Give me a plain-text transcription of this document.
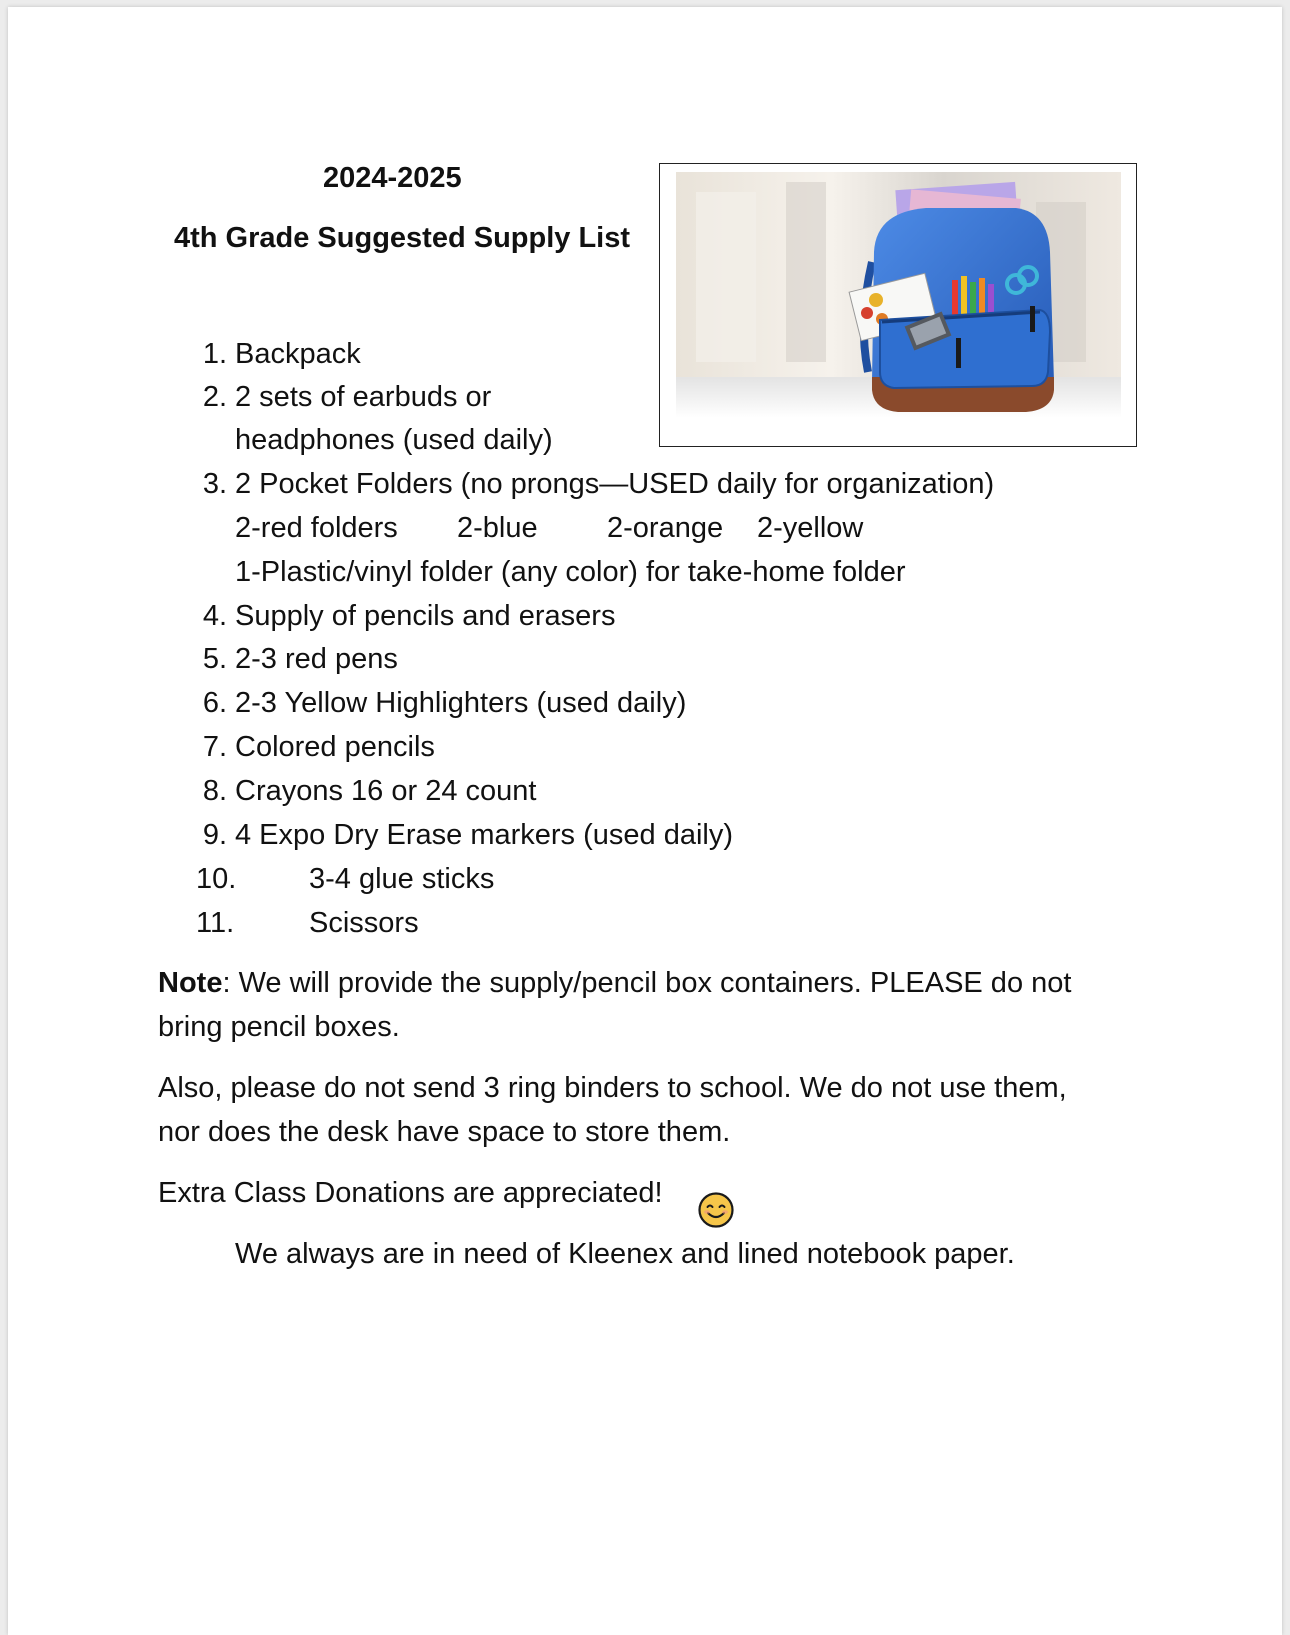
2024-2025
4th Grade Suggested Supply List
1. Backpack
2. 2 sets of earbuds or
headphones (used daily)
3. 2 Pocket Folders (no prongs—USED daily for organization)
2-red folders 2-blue 2-orange 2-yellow
1-Plastic/vinyl folder (any color) for take-home folder
4. Supply of pencils and erasers
5. 2-3 red pens
6. 2-3 Yellow Highlighters (used daily)
7. Colored pencils
8. Crayons 16 or 24 count
9. 4 Expo Dry Erase markers (used daily)
10.	3-4 glue sticks
11.	Scissors
Note: We will provide the supply/pencil box containers. PLEASE do not
bring pencil boxes.
Also, please do not send 3 ring binders to school. We do not use them,
nor does the desk have space to store them.
Extra Class Donations are appreciated!
We always are in need of Kleenex and lined notebook paper.
